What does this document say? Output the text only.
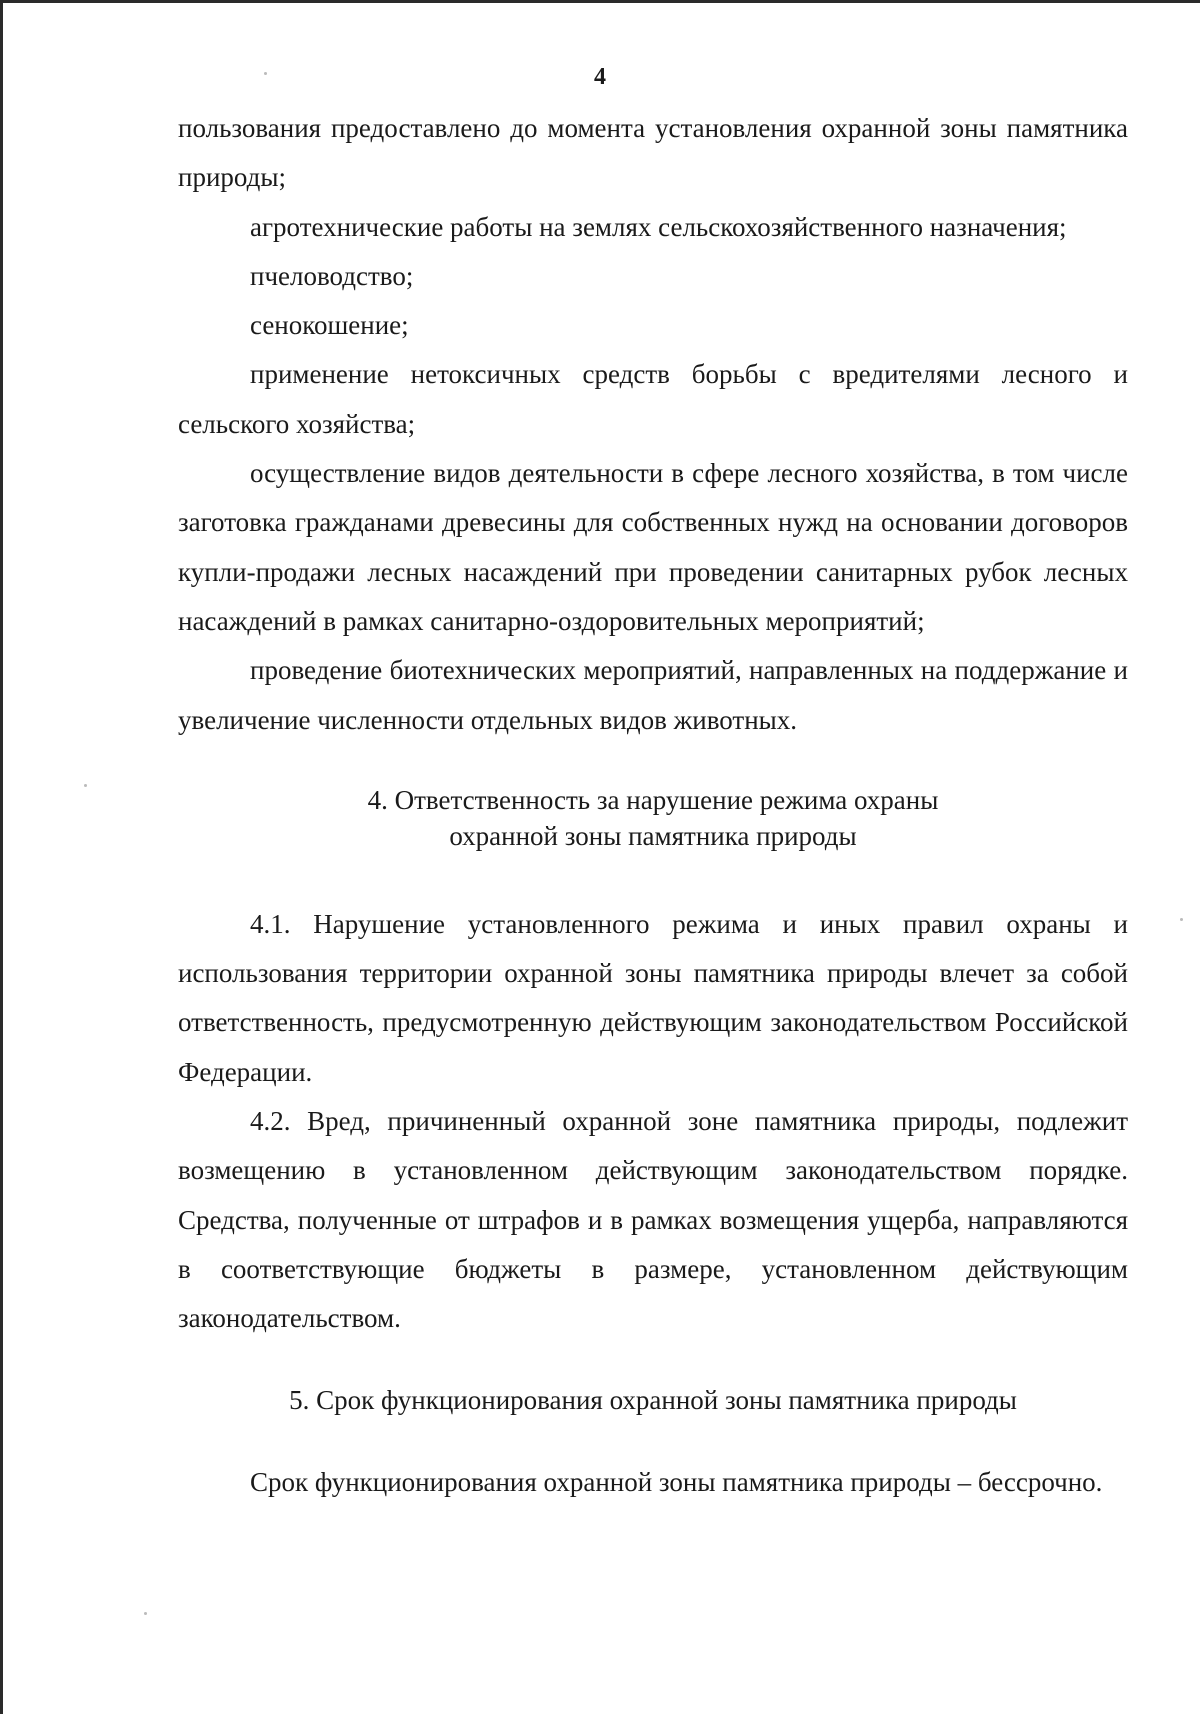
4

пользования предоставлено до момента установления охранной зоны памятника природы;

агротехнические работы на землях сельскохозяйственного назначения;

пчеловодство;

сенокошение;

применение нетоксичных средств борьбы с вредителями лесного и сельского хозяйства;

осуществление видов деятельности в сфере лесного хозяйства, в том числе заготовка гражданами древесины для собственных нужд на основании договоров купли-продажи лесных насаждений при проведении санитарных рубок лесных насаждений в рамках санитарно-оздоровительных мероприятий;

проведение биотехнических мероприятий, направленных на поддержание и увеличение численности отдельных видов животных.

4. Ответственность за нарушение режима охраны
охранной зоны памятника природы

4.1. Нарушение установленного режима и иных правил охраны и использования территории охранной зоны памятника природы влечет за собой ответственность, предусмотренную действующим законодательством Российской Федерации.

4.2. Вред, причиненный охранной зоне памятника природы, подлежит возмещению в установленном действующим законодательством порядке. Средства, полученные от штрафов и в рамках возмещения ущерба, направляются в соответствующие бюджеты в размере, установленном действующим законодательством.

5. Срок функционирования охранной зоны памятника природы

Срок функционирования охранной зоны памятника природы – бессрочно.
